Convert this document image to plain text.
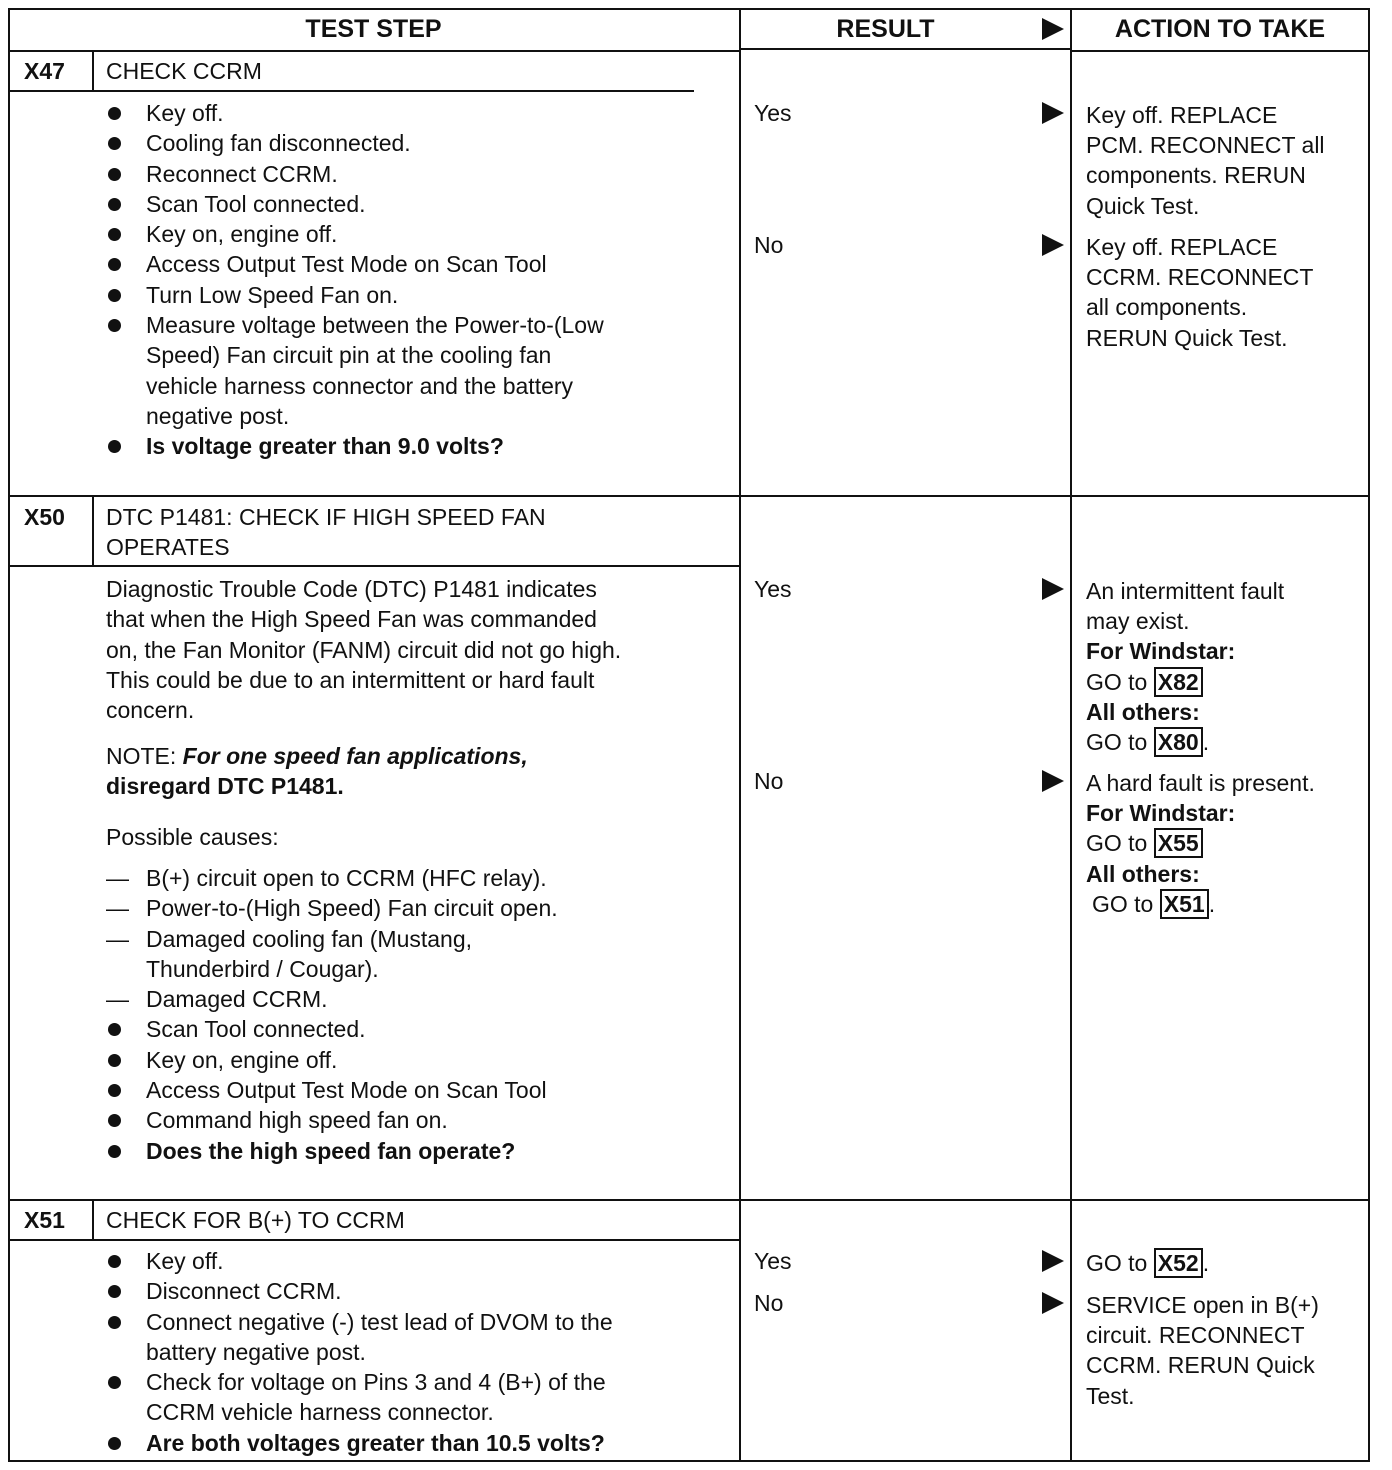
TEST STEP	RESULT	ACTION TO TAKE
X47 CHECK CCRM
Key off.
Cooling fan disconnected.
Reconnect CCRM.
Scan Tool connected.
Key on, engine off.
Access Output Test Mode on Scan Tool
Turn Low Speed Fan on.
Measure voltage between the Power-to-(Low
Speed) Fan circuit pin at the cooling fan
vehicle harness connector and the battery
negative post.
Is voltage greater than 9.0 volts?
Yes
No
Key off. REPLACE
PCM. RECONNECT all
components. RERUN
Quick Test.
Key off. REPLACE
CCRM. RECONNECT
all components.
RERUN Quick Test.
X50 DTC P1481: CHECK IF HIGH SPEED FAN
OPERATES
Diagnostic Trouble Code (DTC) P1481 indicates
that when the High Speed Fan was commanded
on, the Fan Monitor (FANM) circuit did not go high.
This could be due to an intermittent or hard fault
concern.
NOTE: For one speed fan applications,
disregard DTC P1481.
Possible causes:
— B(+) circuit open to CCRM (HFC relay).
— Power-to-(High Speed) Fan circuit open.
— Damaged cooling fan (Mustang,
Thunderbird / Cougar).
— Damaged CCRM.
Scan Tool connected.
Key on, engine off.
Access Output Test Mode on Scan Tool
Command high speed fan on.
Does the high speed fan operate?
Yes
No
An intermittent fault
may exist.
For Windstar:
GO to X82
All others:
GO to X80 .
A hard fault is present.
For Windstar:
GO to X55
All others:
GO to X51 .
X51 CHECK FOR B(+) TO CCRM
Key off.
Disconnect CCRM.
Connect negative (-) test lead of DVOM to the
battery negative post.
Check for voltage on Pins 3 and 4 (B+) of the
CCRM vehicle harness connector.
Are both voltages greater than 10.5 volts?
Yes
No
GO to X52 .
SERVICE open in B(+)
circuit. RECONNECT
CCRM. RERUN Quick
Test.
